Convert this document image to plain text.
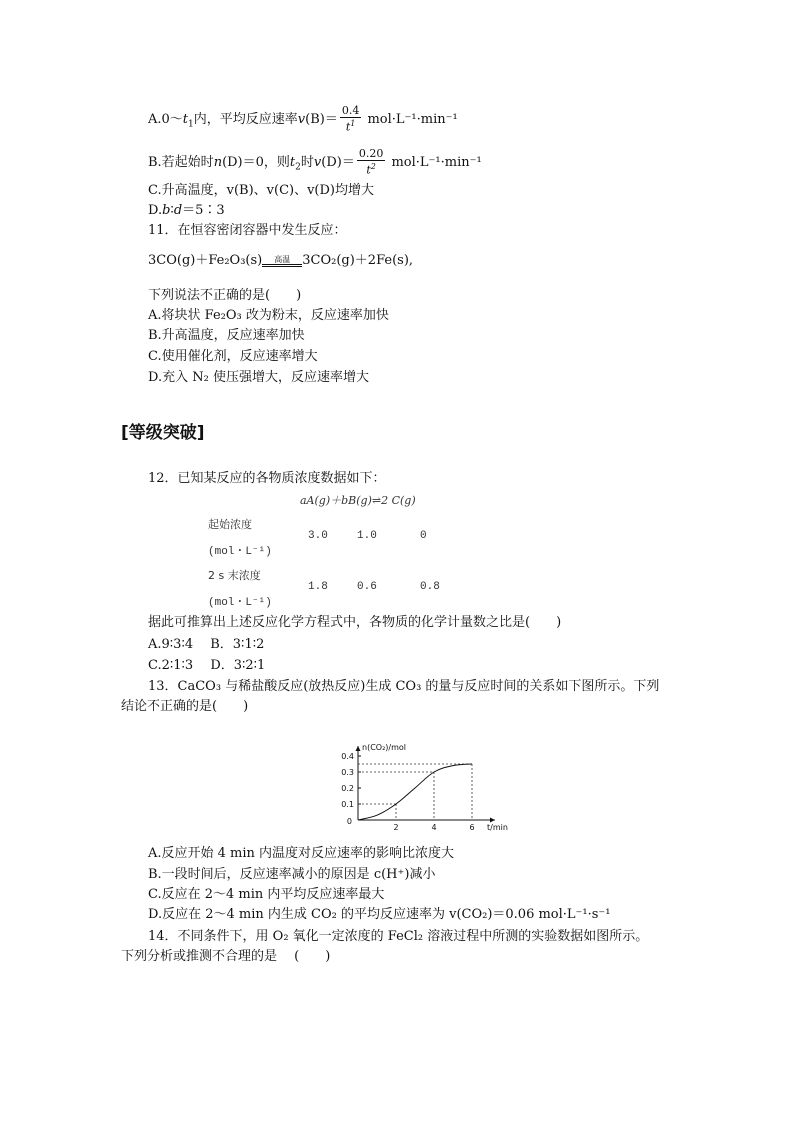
$A.0\sim t_1$内，平均反应速率$v(B)= \frac{0.4}{t^1} mol\cdot L^{-1}\cdot\min^{-1}$
B.若起始时n(D)＝0，则$t_2$时$v(D)= \frac{0.20}{t^2} mol\cdot L^{-1}\cdot\min^{-1}$
C.升高温度，v(B)、v(C)、v(D)均增大
D.b∶d＝5∶3
11．在恒容密闭容器中发生反应：
3CO(g)＋Fe₂O₃(s)	高温 3CO₂(g)＋2Fe(s),
下列说法不正确的是(　　)
A.将块状 Fe₂O₃ 改为粉末，反应速率加快
B.升高温度，反应速率加快
C.使用催化剂，反应速率增大
D.充入 N₂ 使压强增大，反应速率增大
[等级突破]
12．已知某反应的各物质浓度数据如下：
aA(g)＋bB(g)⇌2 C(g)
起始浓度
(mol・L⁻¹)
3.0	1.0	0
2 s 末浓度
(mol・L⁻¹)
1.8	0.6	0.8
据此可推算出上述反应化学方程式中，各物质的化学计量数之比是(　　)
A.9∶3∶4　 B．3∶1∶2
C.2∶1∶3　 D．3∶2∶1
13．CaCO₃ 与稀盐酸反应(放热反应)生成 CO₃ 的量与反应时间的关系如下图所示。下列
结论不正确的是(　　)
n(CO₂)/mol
t/min
0.1
0.2
0.3
0.4
0
2	4	6
A.反应开始 4 min 内温度对反应速率的影响比浓度大
B.一段时间后，反应速率减小的原因是 c(H⁺)减小
C.反应在 2～4 min 内平均反应速率最大
D.反应在 2～4 min 内生成 CO₂ 的平均反应速率为 v(CO₂)＝0.06 mol·L⁻¹·s⁻¹
14．不同条件下，用 O₂ 氧化一定浓度的 FeCl₂ 溶液过程中所测的实验数据如图所示。
下列分析或推测不合理的是　 (　　)
